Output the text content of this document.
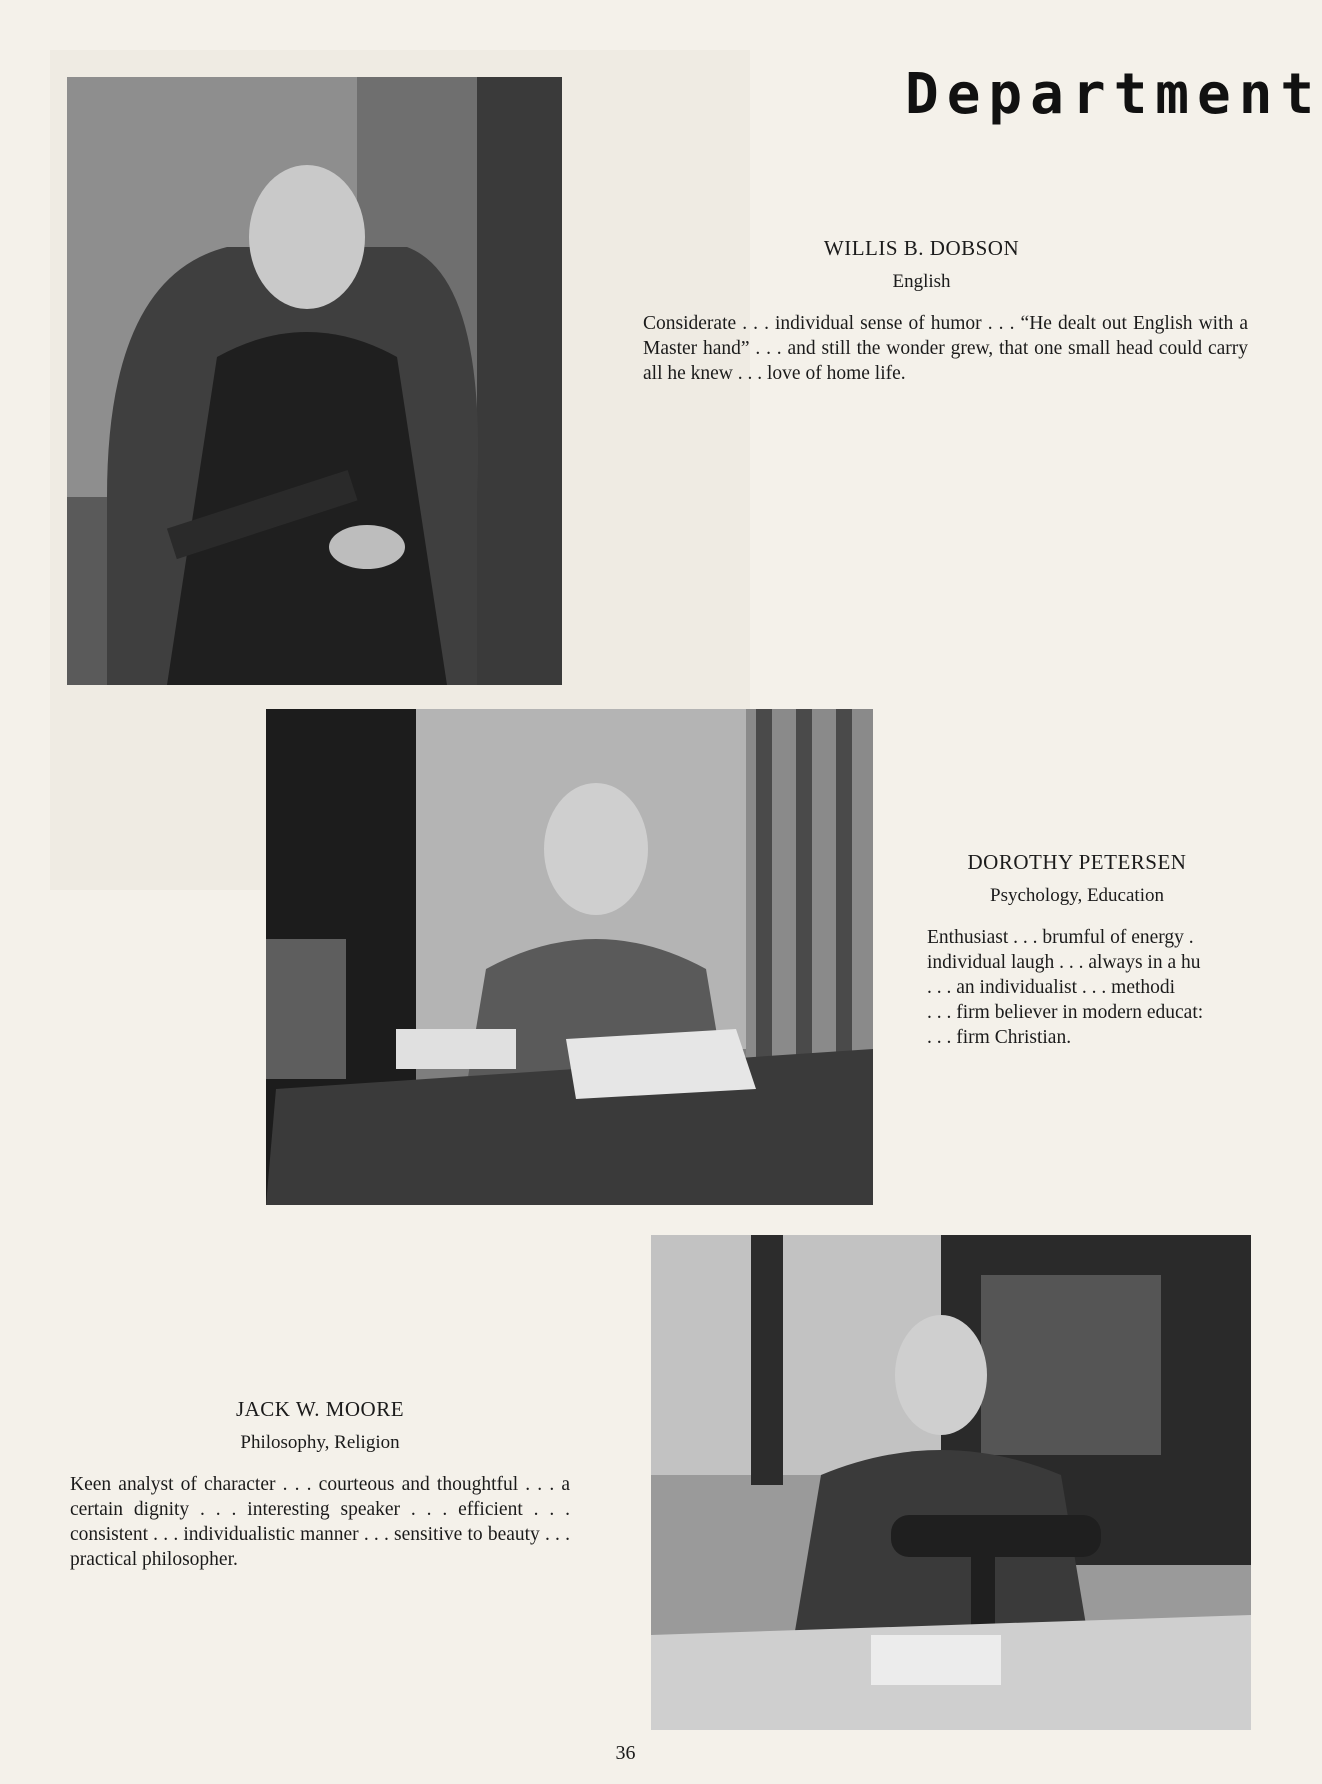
Department
WILLIS B. DOBSON
English
Considerate . . . individual sense of humor . . . “He dealt out English with a Master hand” . . . and still the wonder grew, that one small head could carry all he knew . . . love of home life.
DOROTHY PETERSEN
Psychology, Education
Enthusiast . . . brumful of energy .
individual laugh . . . always in a hu
. . . an individualist . . . methodi
. . . firm believer in modern educat:
. . . firm Christian.
JACK W. MOORE
Philosophy, Religion
Keen analyst of character . . . courteous and thoughtful . . . a certain dignity . . . interesting speaker . . . efficient . . . consistent . . . individualistic manner . . . sensitive to beauty . . . practical philosopher.
36
